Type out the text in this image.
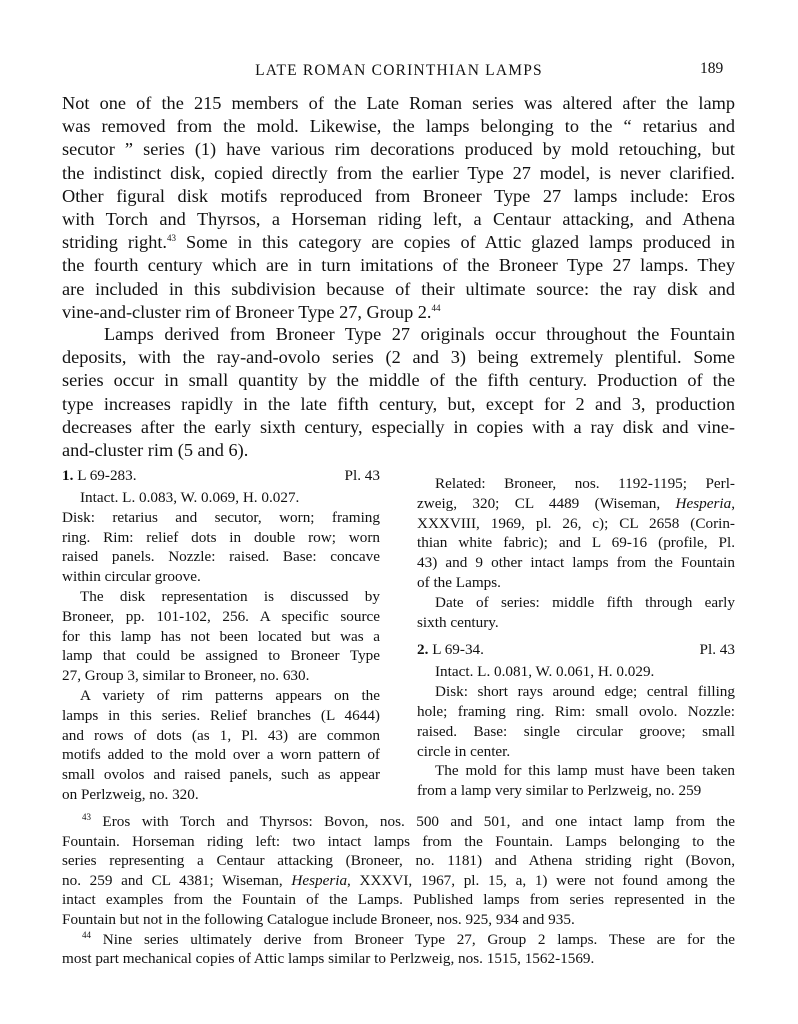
LATE ROMAN CORINTHIAN LAMPS	189
Not one of the 215 members of the Late Roman series was altered after the lamp
was removed from the mold. Likewise, the lamps belonging to the “ retarius and
secutor ” series (1) have various rim decorations produced by mold retouching, but
the indistinct disk, copied directly from the earlier Type 27 model, is never clarified.
Other figural disk motifs reproduced from Broneer Type 27 lamps include: Eros
with Torch and Thyrsos, a Horseman riding left, a Centaur attacking, and Athena
striding right.$^{43}$ Some in this category are copies of Attic glazed lamps produced in
the fourth century which are in turn imitations of the Broneer Type 27 lamps. They
are included in this subdivision because of their ultimate source: the ray disk and
vine-and-cluster rim of Broneer Type 27, Group 2.44
Lamps derived from Broneer Type 27 originals occur throughout the Fountain
deposits, with the ray-and-ovolo series (2 and 3) being extremely plentiful. Some
series occur in small quantity by the middle of the fifth century. Production of the
type increases rapidly in the late fifth century, but, except for 2 and 3, production
decreases after the early sixth century, especially in copies with a ray disk and vine-
and-cluster rim (5 and 6).
1. L 69-283.	Pl. 43
Intact. L. 0.083, W. 0.069, H. 0.027.
Disk: retarius and secutor, worn; framing
ring. Rim: relief dots in double row; worn
raised panels. Nozzle: raised. Base: concave
within circular groove.
The disk representation is discussed by
Broneer, pp. 101-102, 256. A specific source
for this lamp has not been located but was a
lamp that could be assigned to Broneer Type
27, Group 3, similar to Broneer, no. 630.
A variety of rim patterns appears on the
lamps in this series. Relief branches (L 4644)
and rows of dots (as 1, Pl. 43) are common
motifs added to the mold over a worn pattern of
small ovolos and raised panels, such as appear
on Perlzweig, no. 320.
Related: Broneer, nos. 1192-1195; Perl-
zweig, 320; CL 4489 (Wiseman, Hesperia,
XXXVIII, 1969, pl. 26, c); CL 2658 (Corin-
thian white fabric); and L 69-16 (profile, Pl.
43) and 9 other intact lamps from the Fountain
of the Lamps.
Date of series: middle fifth through early
sixth century.
2. L 69-34.	Pl. 43
Intact. L. 0.081, W. 0.061, H. 0.029.
Disk: short rays around edge; central filling
hole; framing ring. Rim: small ovolo. Nozzle:
raised. Base: single circular groove; small
circle in center.
The mold for this lamp must have been taken
from a lamp very similar to Perlzweig, no. 259
$^{43}$ Eros with Torch and Thyrsos: Bovon, nos. 500 and 501, and one intact lamp from the
Fountain. Horseman riding left: two intact lamps from the Fountain. Lamps belonging to the
series representing a Centaur attacking (Broneer, no. 1181) and Athena striding right (Bovon,
no. 259 and CL 4381; Wiseman, Hesperia, XXXVI, 1967, pl. 15, a, 1) were not found among the
intact examples from the Fountain of the Lamps. Published lamps from series represented in the
Fountain but not in the following Catalogue include Broneer, nos. 925, 934 and 935.
$^{44}$ Nine series ultimately derive from Broneer Type 27, Group 2 lamps. These are for the
most part mechanical copies of Attic lamps similar to Perlzweig, nos. 1515, 1562-1569.
